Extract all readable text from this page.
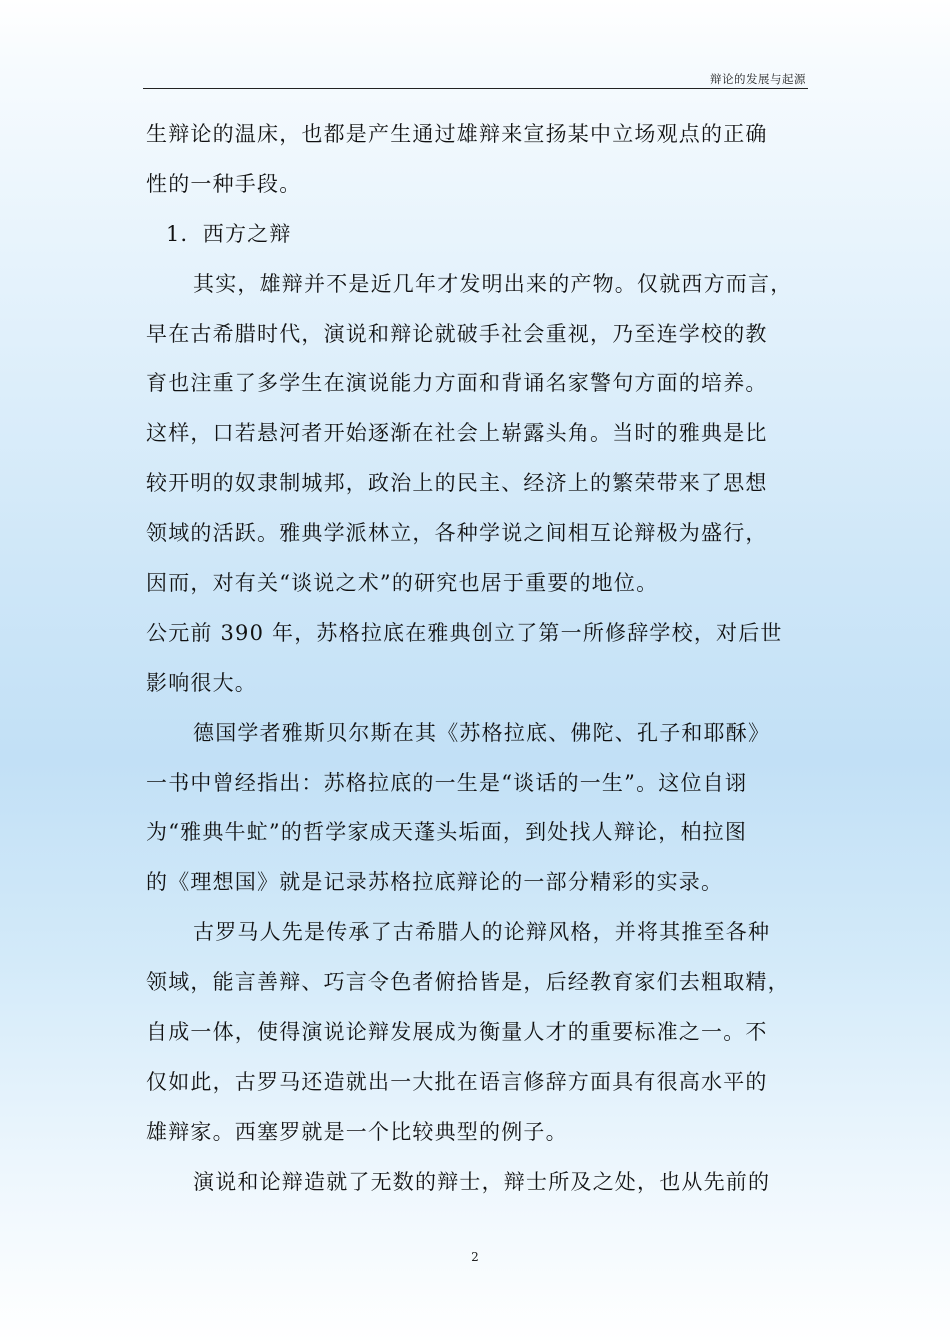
辩论的发展与起源
生辩论的温床，也都是产生通过雄辩来宣扬某中立场观点的正确
性的一种手段。
1．西方之辩
其实，雄辩并不是近几年才发明出来的产物。仅就西方而言，
早在古希腊时代，演说和辩论就破手社会重视，乃至连学校的教
育也注重了多学生在演说能力方面和背诵名家警句方面的培养。
这样，口若悬河者开始逐渐在社会上崭露头角。当时的雅典是比
较开明的奴隶制城邦，政治上的民主、经济上的繁荣带来了思想
领域的活跃。雅典学派林立，各种学说之间相互论辩极为盛行，
因而，对有关“谈说之术”的研究也居于重要的地位。
公元前 390 年，苏格拉底在雅典创立了第一所修辞学校，对后世
影响很大。
德国学者雅斯贝尔斯在其《苏格拉底、佛陀、孔子和耶酥》
一书中曾经指出：苏格拉底的一生是“谈话的一生”。这位自诩
为“雅典牛虻”的哲学家成天蓬头垢面，到处找人辩论，柏拉图
的《理想国》就是记录苏格拉底辩论的一部分精彩的实录。
古罗马人先是传承了古希腊人的论辩风格，并将其推至各种
领域，能言善辩、巧言令色者俯拾皆是，后经教育家们去粗取精，
自成一体，使得演说论辩发展成为衡量人才的重要标准之一。不
仅如此，古罗马还造就出一大批在语言修辞方面具有很高水平的
雄辩家。西塞罗就是一个比较典型的例子。
演说和论辩造就了无数的辩士，辩士所及之处，也从先前的
2
